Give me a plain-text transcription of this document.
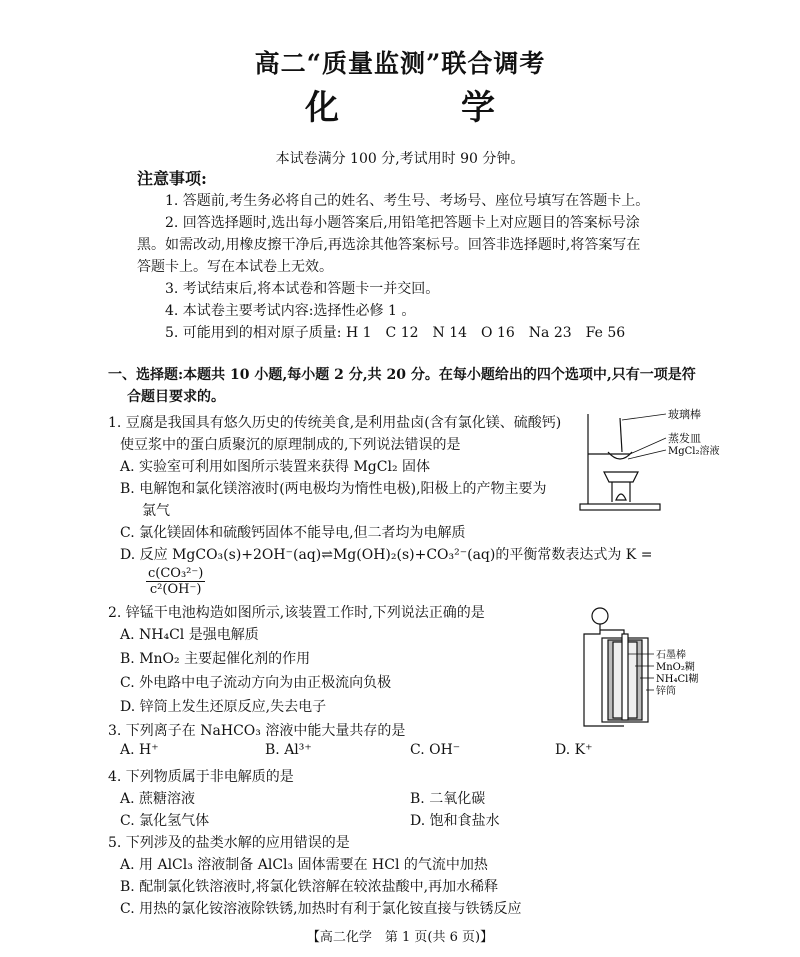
高二“质量监测”联合调考
化　学
本试卷满分 100 分,考试用时 90 分钟。
注意事项:
1. 答题前,考生务必将自己的姓名、考生号、考场号、座位号填写在答题卡上。
2. 回答选择题时,选出每小题答案后,用铅笔把答题卡上对应题目的答案标号涂
黑。如需改动,用橡皮擦干净后,再选涂其他答案标号。回答非选择题时,将答案写在
答题卡上。写在本试卷上无效。
3. 考试结束后,将本试卷和答题卡一并交回。
4. 本试卷主要考试内容:选择性必修 1 。
5. 可能用到的相对原子质量: H 1　C 12　N 14　O 16　Na 23　Fe 56
一、选择题:本题共 10 小题,每小题 2 分,共 20 分。在每小题给出的四个选项中,只有一项是符
合题目要求的。
1. 豆腐是我国具有悠久历史的传统美食,是利用盐卤(含有氯化镁、硫酸钙)
使豆浆中的蛋白质聚沉的原理制成的,下列说法错误的是
A. 实验室可利用如图所示装置来获得 MgCl₂ 固体
B. 电解饱和氯化镁溶液时(两电极均为惰性电极),阳极上的产物主要为
氯气
C. 氯化镁固体和硫酸钙固体不能导电,但二者均为电解质
D. 反应 MgCO₃(s)+2OH⁻(aq)⇌Mg(OH)₂(s)+CO₃²⁻(aq)的平衡常数表达式为 K =
$\frac{\text{c(CO₃²⁻)}}{\text{c²(OH⁻)}}$
玻璃棒
蒸发皿
MgCl₂溶液
2. 锌锰干电池构造如图所示,该装置工作时,下列说法正确的是
A. NH₄Cl 是强电解质
B. MnO₂ 主要起催化剂的作用
C. 外电路中电子流动方向为由正极流向负极
D. 锌筒上发生还原反应,失去电子
石墨棒
MnO₂糊
NH₄Cl糊
锌筒
3. 下列离子在 NaHCO₃ 溶液中能大量共存的是
A. H⁺	B. Al³⁺	C. OH⁻	D. K⁺
4. 下列物质属于非电解质的是
A. 蔗糖溶液	B. 二氧化碳
C. 氯化氢气体	D. 饱和食盐水
5. 下列涉及的盐类水解的应用错误的是
A. 用 AlCl₃ 溶液制备 AlCl₃ 固体需要在 HCl 的气流中加热
B. 配制氯化铁溶液时,将氯化铁溶解在较浓盐酸中,再加水稀释
C. 用热的氯化铵溶液除铁锈,加热时有利于氯化铵直接与铁锈反应
【高二化学　第 1 页(共 6 页)】
